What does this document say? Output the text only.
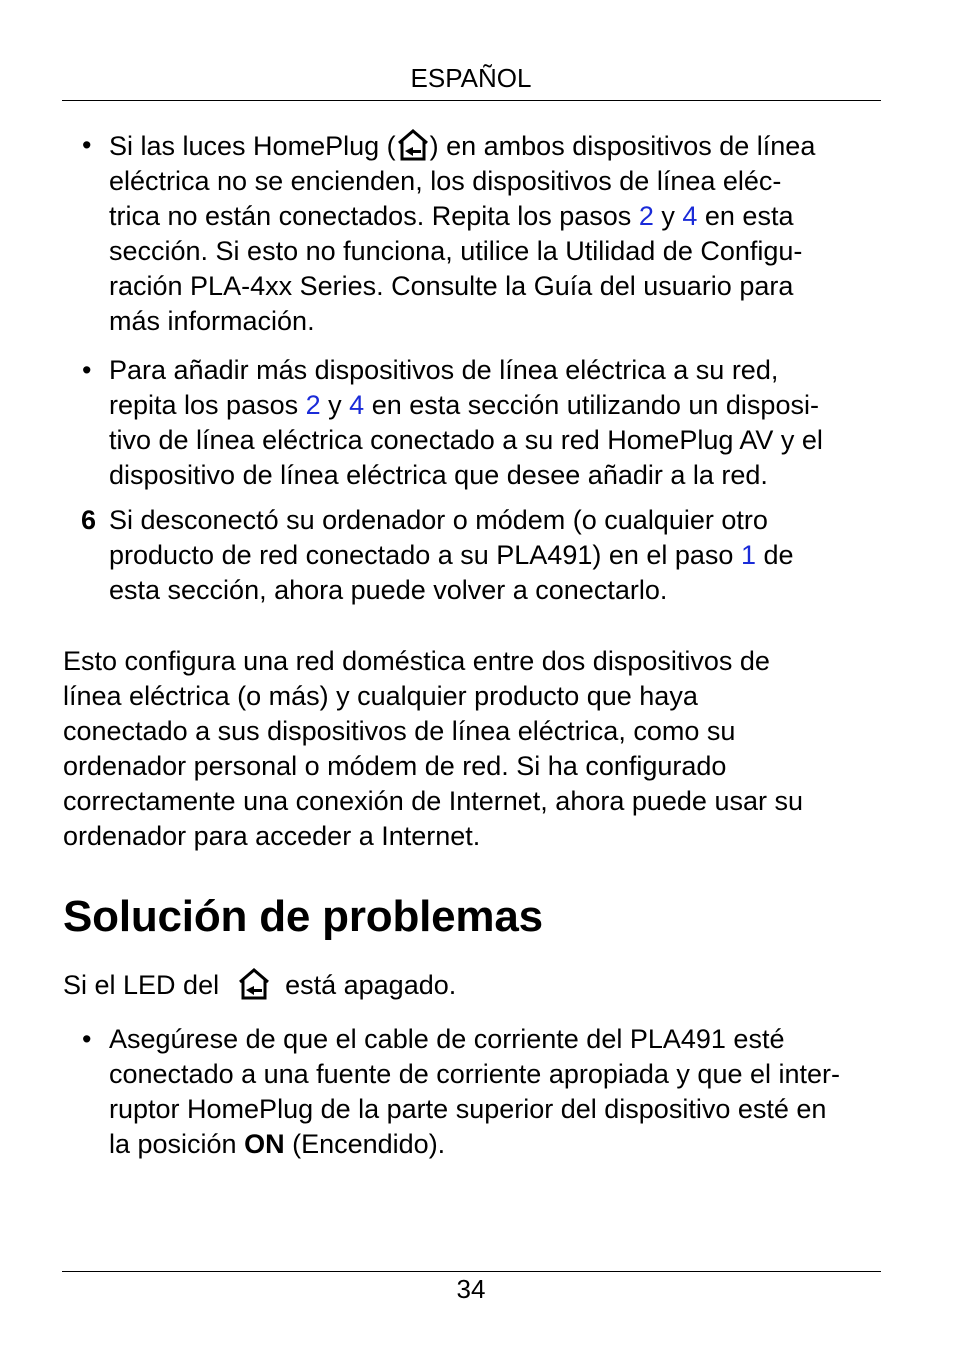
ESPAÑOL
• Si las luces HomePlug ( ) en ambos dispositivos de línea
eléctrica no se encienden, los dispositivos de línea eléc-
trica no están conectados. Repita los pasos 2 y 4 en esta
sección. Si esto no funciona, utilice la Utilidad de Configu-
ración PLA-4xx Series. Consulte la Guía del usuario para
más información.
• Para añadir más dispositivos de línea eléctrica a su red,
repita los pasos 2 y 4 en esta sección utilizando un disposi-
tivo de línea eléctrica conectado a su red HomePlug AV y el
dispositivo de línea eléctrica que desee añadir a la red.
6 Si desconectó su ordenador o módem (o cualquier otro
producto de red conectado a su PLA491) en el paso 1 de
esta sección, ahora puede volver a conectarlo.
Esto configura una red doméstica entre dos dispositivos de
línea eléctrica (o más) y cualquier producto que haya
conectado a sus dispositivos de línea eléctrica, como su
ordenador personal o módem de red. Si ha configurado
correctamente una conexión de Internet, ahora puede usar su
ordenador para acceder a Internet.
Solución de problemas
Si el LED del está apagado.
• Asegúrese de que el cable de corriente del PLA491 esté
conectado a una fuente de corriente apropiada y que el inter-
ruptor HomePlug de la parte superior del dispositivo esté en
la posición ON (Encendido).
34
